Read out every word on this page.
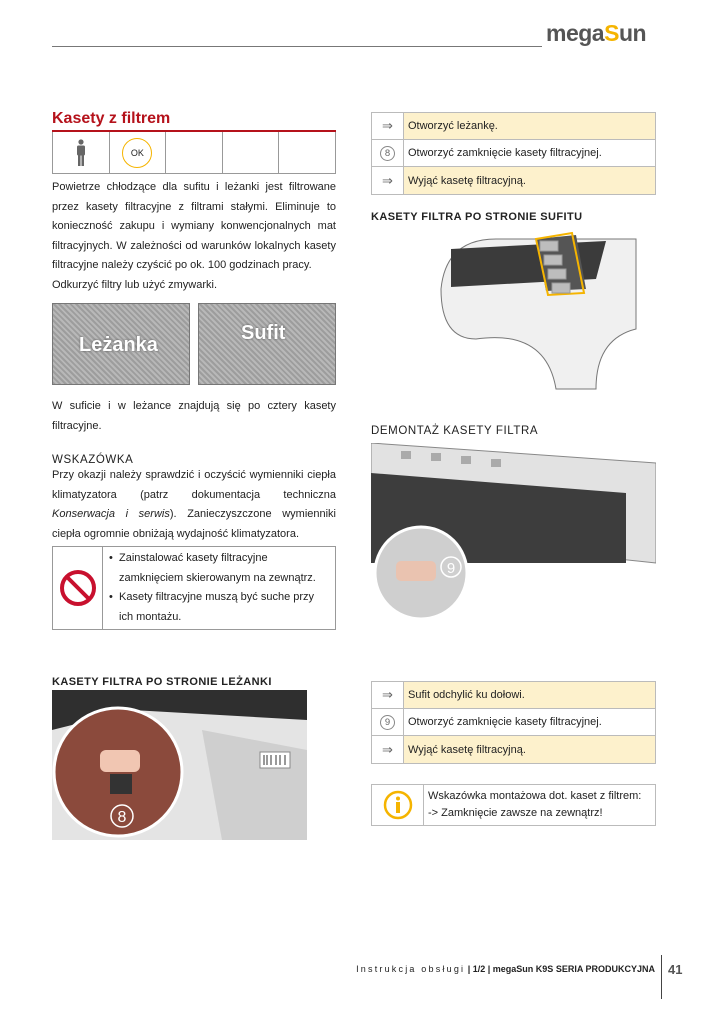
megaSun
Kasety z filtrem
OK

Powietrze chłodzące dla sufitu i leżanki jest filtrowane przez kasety filtracyjne z filtrami stałymi. Eliminuje to konieczność zakupu i wymiany konwencjonalnych mat filtracyjnych. W zależności od warunków lokalnych kasety filtracyjne należy czyścić po ok. 100 godzinach pracy.

Odkurzyć filtry lub użyć zmywarki.

Leżanka
Sufit

W suficie i w leżance znajdują się po cztery kasety filtracyjne.

WSKAZÓWKA

Przy okazji należy sprawdzić i oczyścić wymienniki ciepła klimatyzatora (patrz dokumentacja techniczna Konserwacja i serwis). Zanieczyszczone wymienniki ciepła ogromnie obniżają wydajność klimatyzatora.

• Zainstalować kasety filtracyjne zamknięciem skierowanym na zewnątrz.
• Kasety filtracyjne muszą być suche przy ich montażu.

KASETY FILTRA PO STRONIE LEŻANKI

8
⇒	Otworzyć leżankę.
8	Otworzyć zamknięcie kasety filtracyjnej.
⇒	Wyjąć kasetę filtracyjną.

KASETY FILTRA PO STRONIE SUFITU

DEMONTAŻ KASETY FILTRA

9
⇒	Sufit odchylić ku dołowi.
9	Otworzyć zamknięcie kasety filtracyjnej.
⇒	Wyjąć kasetę filtracyjną.
Wskazówka montażowa dot. kaset z filtrem:
-> Zamknięcie zawsze na zewnątrz!
Instrukcja obsługi | 1/2 | megaSun K9S SERIA PRODUKCYJNA 41
